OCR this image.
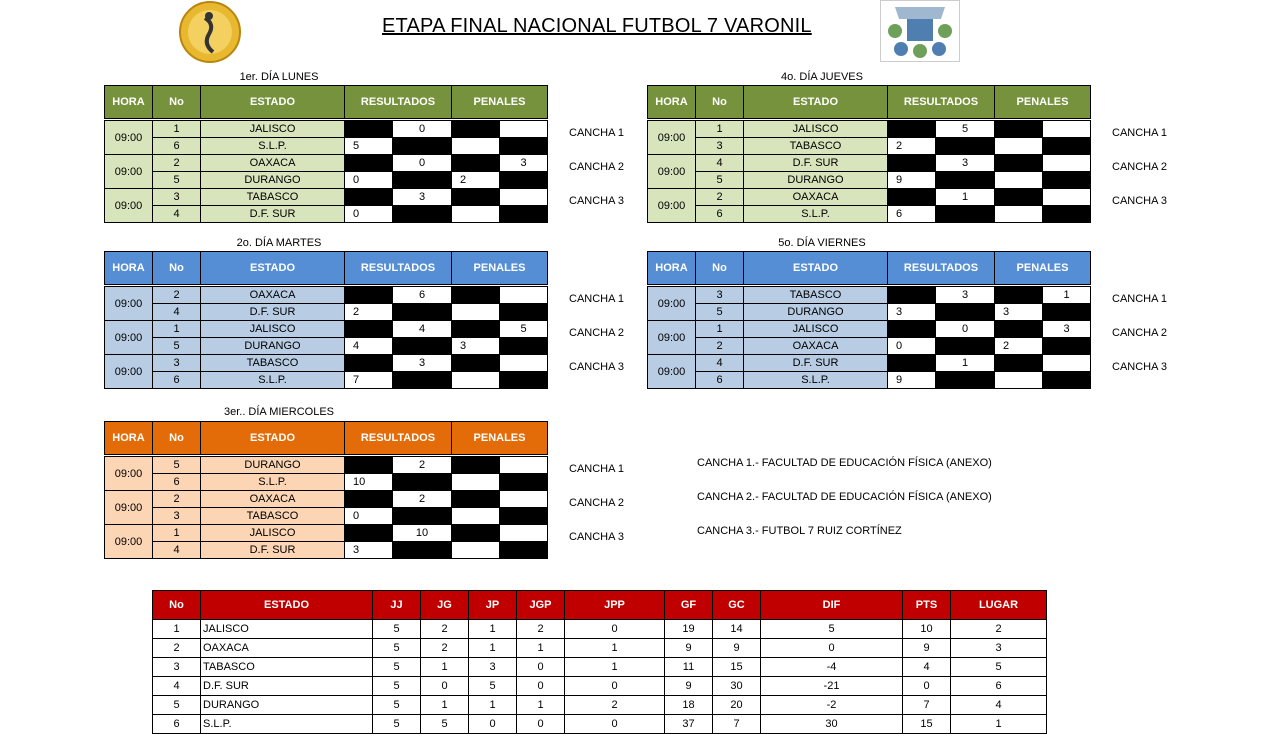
ETAPA FINAL NACIONAL FUTBOL 7 VARONIL
1er. DÍA LUNES
HORA	No	ESTADO	RESULTADOS		PENALES	

09:00	1	JALISCO		0		
	6	S.L.P.	5			
09:00	2	OAXACA		0		3
	5	DURANGO	0		2	
09:00	3	TABASCO		3		
	4	D.F. SUR	0			
CANCHA 1
CANCHA 2
CANCHA 3
2o. DÍA MARTES
HORA	No	ESTADO	RESULTADOS		PENALES	

09:00	2	OAXACA		6		
	4	D.F. SUR	2			
09:00	1	JALISCO		4		5
	5	DURANGO	4		3	
09:00	3	TABASCO		3		
	6	S.L.P.	7			
CANCHA 1
CANCHA 2
CANCHA 3
3er.. DÍA MIERCOLES
HORA	No	ESTADO	RESULTADOS		PENALES	

09:00	5	DURANGO		2		
	6	S.L.P.	10			
09:00	2	OAXACA		2		
	3	TABASCO	0			
09:00	1	JALISCO		10		
	4	D.F. SUR	3			
CANCHA 1
CANCHA 2
CANCHA 3
4o. DÍA JUEVES
HORA	No	ESTADO	RESULTADOS		PENALES	

09:00	1	JALISCO		5		
	3	TABASCO	2			
09:00	4	D.F. SUR		3		
	5	DURANGO	9			
09:00	2	OAXACA		1		
	6	S.L.P.	6			
CANCHA 1
CANCHA 2
CANCHA 3
5o. DÍA VIERNES
HORA	No	ESTADO	RESULTADOS		PENALES	

09:00	3	TABASCO		3		1
	5	DURANGO	3		3	
09:00	1	JALISCO		0		3
	2	OAXACA	0		2	
09:00	4	D.F. SUR		1		
	6	S.L.P.	9			
CANCHA 1
CANCHA 2
CANCHA 3
CANCHA 1.- FACULTAD DE EDUCACIÓN FÍSICA (ANEXO)
CANCHA 2.- FACULTAD DE EDUCACIÓN FÍSICA (ANEXO)
CANCHA 3.- FUTBOL 7 RUIZ CORTÍNEZ
No	ESTADO	JJ	JG	JP	JGP	JPP	GF	GC	DIF	PTS	LUGAR
1	JALISCO	5	2	1	2	0	19	14	5	10	2
2	OAXACA	5	2	1	1	1	9	9	0	9	3
3	TABASCO	5	1	3	0	1	11	15	-4	4	5
4	D.F. SUR	5	0	5	0	0	9	30	-21	0	6
5	DURANGO	5	1	1	1	2	18	20	-2	7	4
6	S.L.P.	5	5	0	0	0	37	7	30	15	1
